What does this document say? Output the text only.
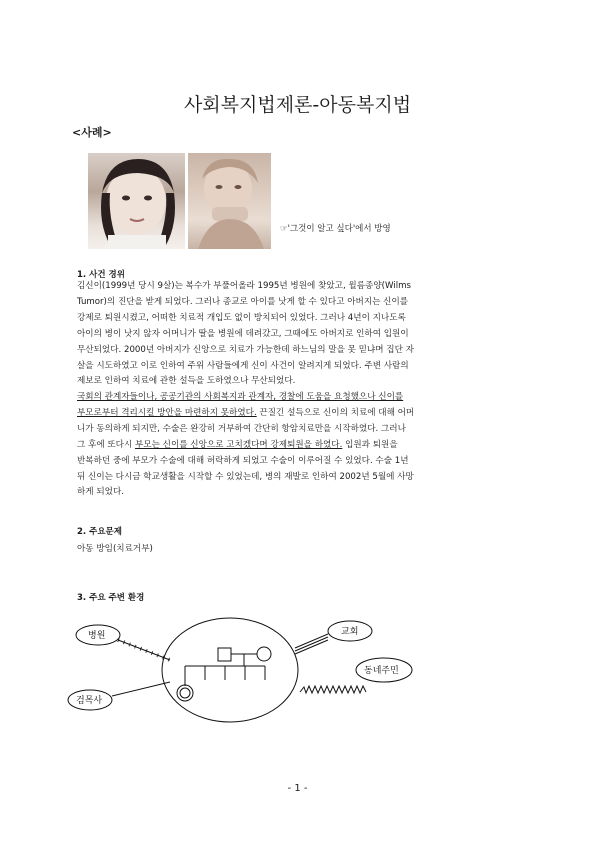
사회복지법제론-아동복지법
<사례>
☞'그것이 알고 싶다'에서 방영
1. 사건 경위
김신이(1999년 당시 9살)는 복수가 부풀어올라 1995년 병원에 찾았고, 윌름종양(Wilms
Tumor)의 진단을 받게 되었다. 그러나 종교로 아이를 낫게 할 수 있다고 아버지는 신이를
강제로 퇴원시켰고, 어떠한 치료적 개입도 없이 방치되어 있었다. 그러나 4년이 지나도록
아이의 병이 낫지 않자 어머니가 딸을 병원에 데려갔고, 그때에도 아버지로 인하여 입원이
무산되었다. 2000년 아버지가 신앙으로 치료가 가능한데 하느님의 말을 못 믿냐며 집단 자
살을 시도하였고 이로 인하여 주위 사람들에게 신이 사건이 알려지게 되었다. 주변 사람의
제보로 인하여 치료에 관한 설득을 도하였으나 무산되었다.
국회의 관계자들이나, 공공기관의 사회복지과 관계자, 경찰에 도움을 요청했으나 신이를
부모로부터 격리시킬 방안을 마련하지 못하였다. 끈질긴 설득으로 신이의 치료에 대해 어머
니가 동의하게 되지만, 수술은 완강히 거부하여 간단히 항암치료만을 시작하였다. 그러나
그 후에 또다시 부모는 신이를 신앙으로 고치겠다며 강제퇴원을 하였다. 입원과 퇴원을
반복하던 중에 부모가 수술에 대해 허락하게 되었고 수술이 이루어질 수 있었다. 수술 1년
뒤 신이는 다시금 학교생활을 시작할 수 있었는데, 병의 재발로 인하여 2002년 5월에 사망
하게 되었다.
2. 주요문제
아동 방임(치료거부)
3. 주요 주변 환경
병원	교회
동네주민
검목사
- 1 -
